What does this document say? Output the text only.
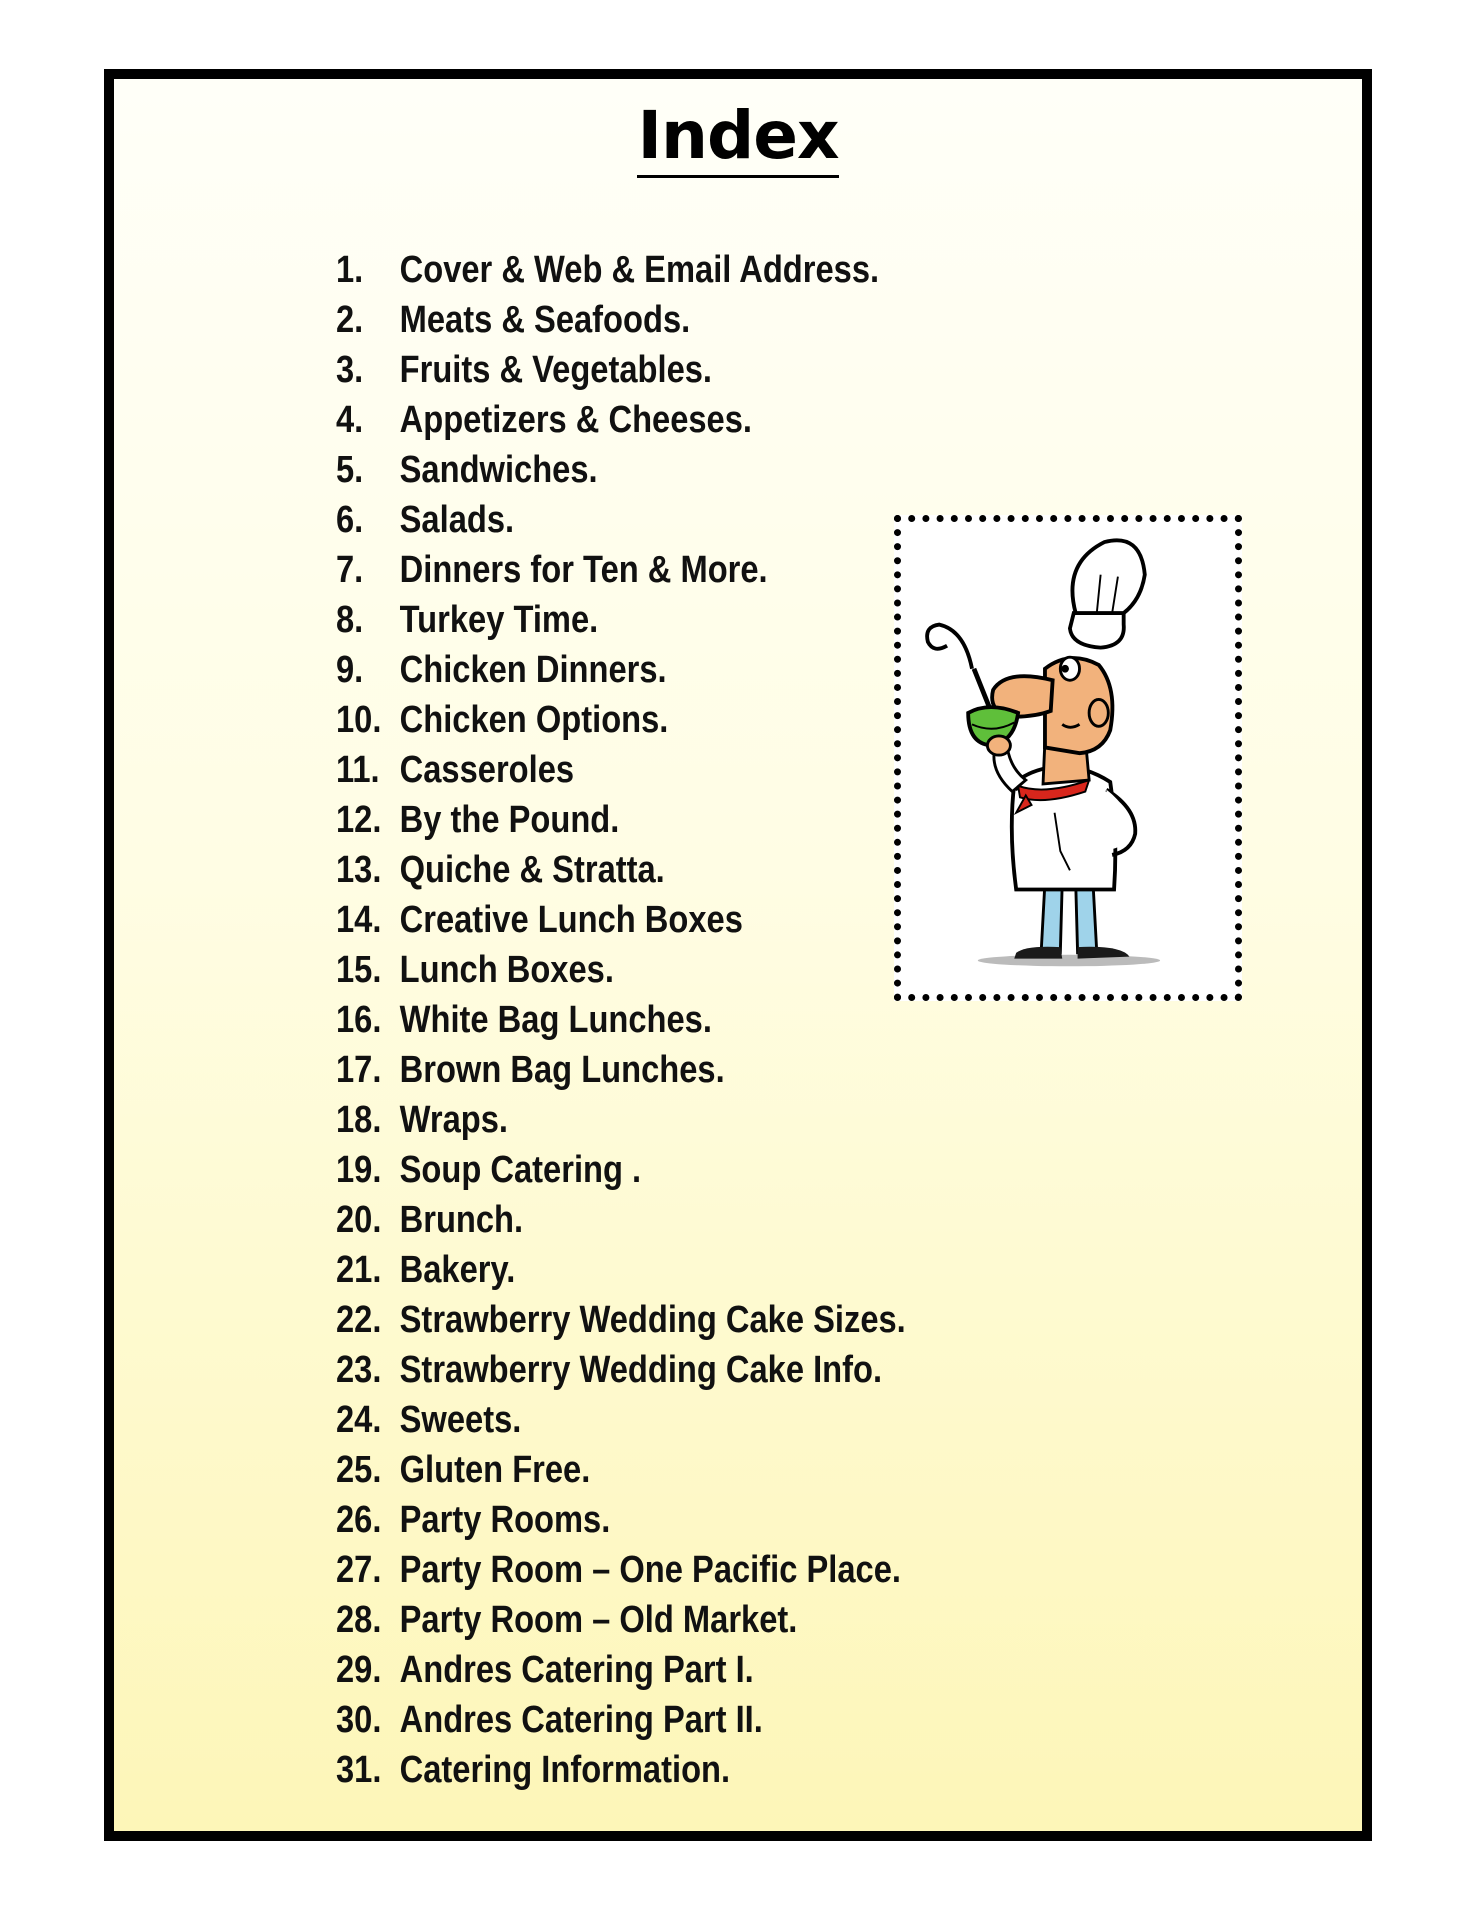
Index
1. Cover & Web & Email Address.
2. Meats & Seafoods.
3. Fruits & Vegetables.
4. Appetizers & Cheeses.
5. Sandwiches.
6. Salads.
7. Dinners for Ten & More.
8. Turkey Time.
9. Chicken Dinners.
10. Chicken Options.
11. Casseroles
12. By the Pound.
13. Quiche & Stratta.
14. Creative Lunch Boxes
15. Lunch Boxes.
16. White Bag Lunches.
17. Brown Bag Lunches.
18. Wraps.
19. Soup Catering .
20. Brunch.
21. Bakery.
22. Strawberry Wedding Cake Sizes.
23. Strawberry Wedding Cake Info.
24. Sweets.
25. Gluten Free.
26. Party Rooms.
27. Party Room – One Pacific Place.
28. Party Room – Old Market.
29. Andres Catering Part I.
30. Andres Catering Part II.
31. Catering Information.
